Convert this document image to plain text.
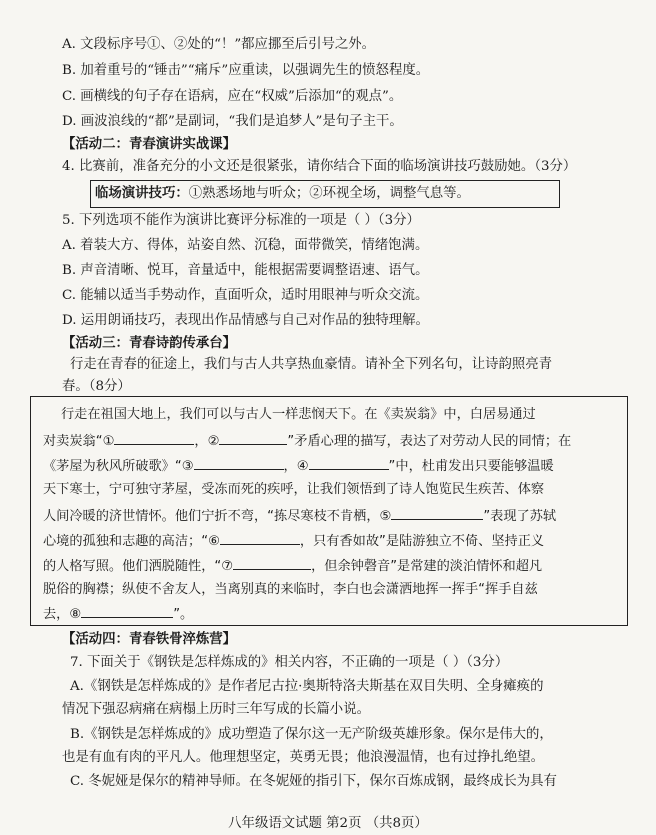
A. 文段标序号①、②处的“！”都应挪至后引号之外。
B. 加着重号的“锤击”“痛斥”应重读，以强调先生的愤怒程度。
C. 画横线的句子存在语病，应在“权威”后添加“的观点”。
D. 画波浪线的“都”是副词，“我们是追梦人”是句子主干。
【活动二：青春演讲实战课】
4. 比赛前，准备充分的小文还是很紧张，请你结合下面的临场演讲技巧鼓励她。（3分）
临场演讲技巧：①熟悉场地与听众；②环视全场，调整气息等。
5. 下列选项不能作为演讲比赛评分标准的一项是（ ）（3分）
A. 着装大方、得体，站姿自然、沉稳，面带微笑，情绪饱满。
B. 声音清晰、悦耳，音量适中，能根据需要调整语速、语气。
C. 能辅以适当手势动作，直面听众，适时用眼神与听众交流。
D. 运用朗诵技巧，表现出作品情感与自己对作品的独特理解。
【活动三：青春诗韵传承台】
行走在青春的征途上，我们与古人共享热血豪情。请补全下列名句，让诗韵照亮青
春。（8分）
行走在祖国大地上，我们可以与古人一样悲悯天下。在《卖炭翁》中，白居易通过
对卖炭翁“①	，②	”矛盾心理的描写，表达了对劳动人民的同情；在
《茅屋为秋风所破歌》“③	，④	”中，杜甫发出只要能够温暖
天下寒士，宁可独守茅屋，受冻而死的疾呼，让我们领悟到了诗人饱览民生疾苦、体察
人间冷暖的济世情怀。他们宁折不弯，“拣尽寒枝不肯栖，⑤	”表现了苏轼
心境的孤独和志趣的高洁；“⑥	，只有香如故”是陆游独立不倚、坚持正义
的人格写照。他们洒脱随性，“⑦	，但余钟磬音”是常建的淡泊情怀和超凡
脱俗的胸襟；纵使不舍友人，当离别真的来临时，李白也会潇洒地挥一挥手“挥手自兹
去，⑧	”。
【活动四：青春铁骨淬炼营】
7. 下面关于《钢铁是怎样炼成的》相关内容，不正确的一项是（ ）（3分）
A.《钢铁是怎样炼成的》是作者尼古拉·奥斯特洛夫斯基在双目失明、全身瘫痪的
情况下强忍病痛在病榻上历时三年写成的长篇小说。
B.《钢铁是怎样炼成的》成功塑造了保尔这一无产阶级英雄形象。保尔是伟大的，
也是有血有肉的平凡人。他理想坚定，英勇无畏；他浪漫温情，也有过挣扎绝望。
C. 冬妮娅是保尔的精神导师。在冬妮娅的指引下，保尔百炼成钢，最终成长为具有
八年级语文试题 第2页 （共8页）
